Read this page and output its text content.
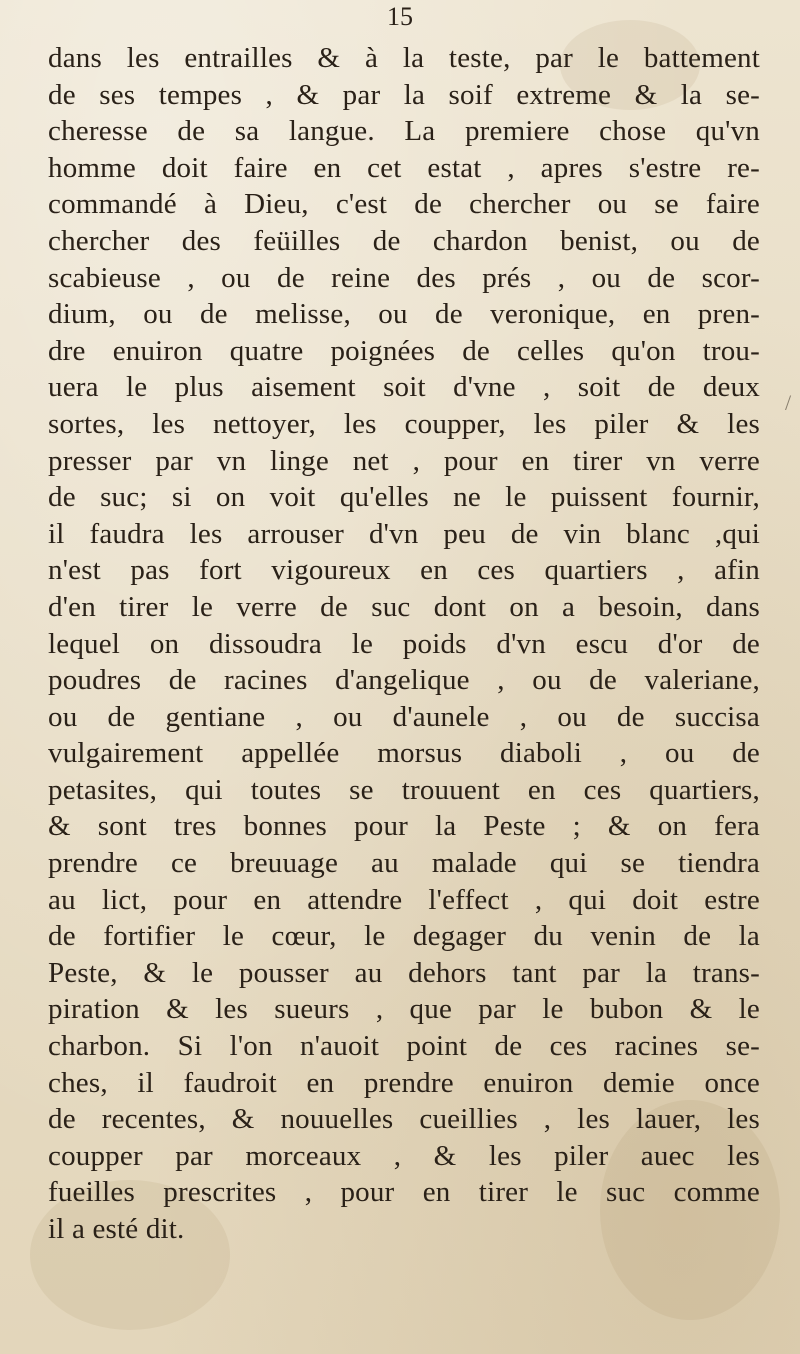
15
dans les entrailles & à la teste, par le battement
de ses tempes , & par la soif extreme & la se-
cheresse de sa langue. La premiere chose qu'vn
homme doit faire en cet estat , apres s'estre re-
commandé à Dieu, c'est de chercher ou se faire
chercher des feüilles de chardon benist, ou de
scabieuse , ou de reine des prés , ou de scor-
dium, ou de melisse, ou de veronique, en pren-
dre enuiron quatre poignées de celles qu'on trou-
uera le plus aisement soit d'vne , soit de deux
sortes, les nettoyer, les coupper, les piler & les
presser par vn linge net , pour en tirer vn verre
de suc; si on voit qu'elles ne le puissent fournir,
il faudra les arrouser d'vn peu de vin blanc ,qui
n'est pas fort vigoureux en ces quartiers , afin
d'en tirer le verre de suc dont on a besoin, dans
lequel on dissoudra le poids d'vn escu d'or de
poudres de racines d'angelique , ou de valeriane,
ou de gentiane , ou d'aunele , ou de succisa
vulgairement appellée morsus diaboli , ou de
petasites, qui toutes se trouuent en ces quartiers,
& sont tres bonnes pour la Peste ; & on fera
prendre ce breuuage au malade qui se tiendra
au lict, pour en attendre l'effect , qui doit estre
de fortifier le cœur, le degager du venin de la
Peste, & le pousser au dehors tant par la trans-
piration & les sueurs , que par le bubon & le
charbon. Si l'on n'auoit point de ces racines se-
ches, il faudroit en prendre enuiron demie once
de recentes, & nouuelles cueillies , les lauer, les
coupper par morceaux , & les piler auec les
fueilles prescrites , pour en tirer le suc comme
il a esté dit.
/
